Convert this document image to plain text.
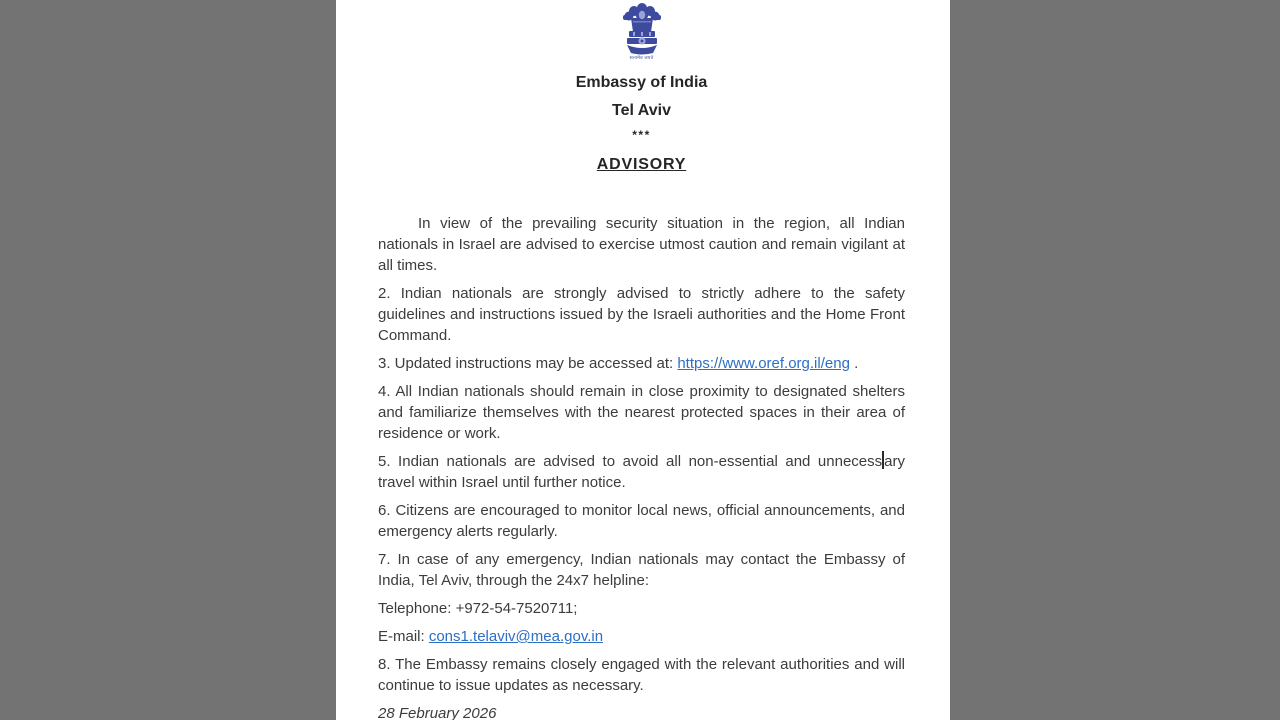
सत्यमेव जयते
Embassy of India
Tel Aviv
***
ADVISORY

In view of the prevailing security situation in the region, all Indian nationals in Israel are advised to exercise utmost caution and remain vigilant at all times.

2. Indian nationals are strongly advised to strictly adhere to the safety guidelines and instructions issued by the Israeli authorities and the Home Front Command.

3. Updated instructions may be accessed at: https://www.oref.org.il/eng .

4. All Indian nationals should remain in close proximity to designated shelters and familiarize themselves with the nearest protected spaces in their area of residence or work.

5. Indian nationals are advised to avoid all non-essential and unnecess ary travel within Israel until further notice.

6. Citizens are encouraged to monitor local news, official announcements, and emergency alerts regularly.

7. In case of any emergency, Indian nationals may contact the Embassy of India, Tel Aviv, through the 24x7 helpline:

Telephone: +972-54-7520711;

E-mail: cons1.telaviv@mea.gov.in

8. The Embassy remains closely engaged with the relevant authorities and will continue to issue updates as necessary.

28 February 2026
